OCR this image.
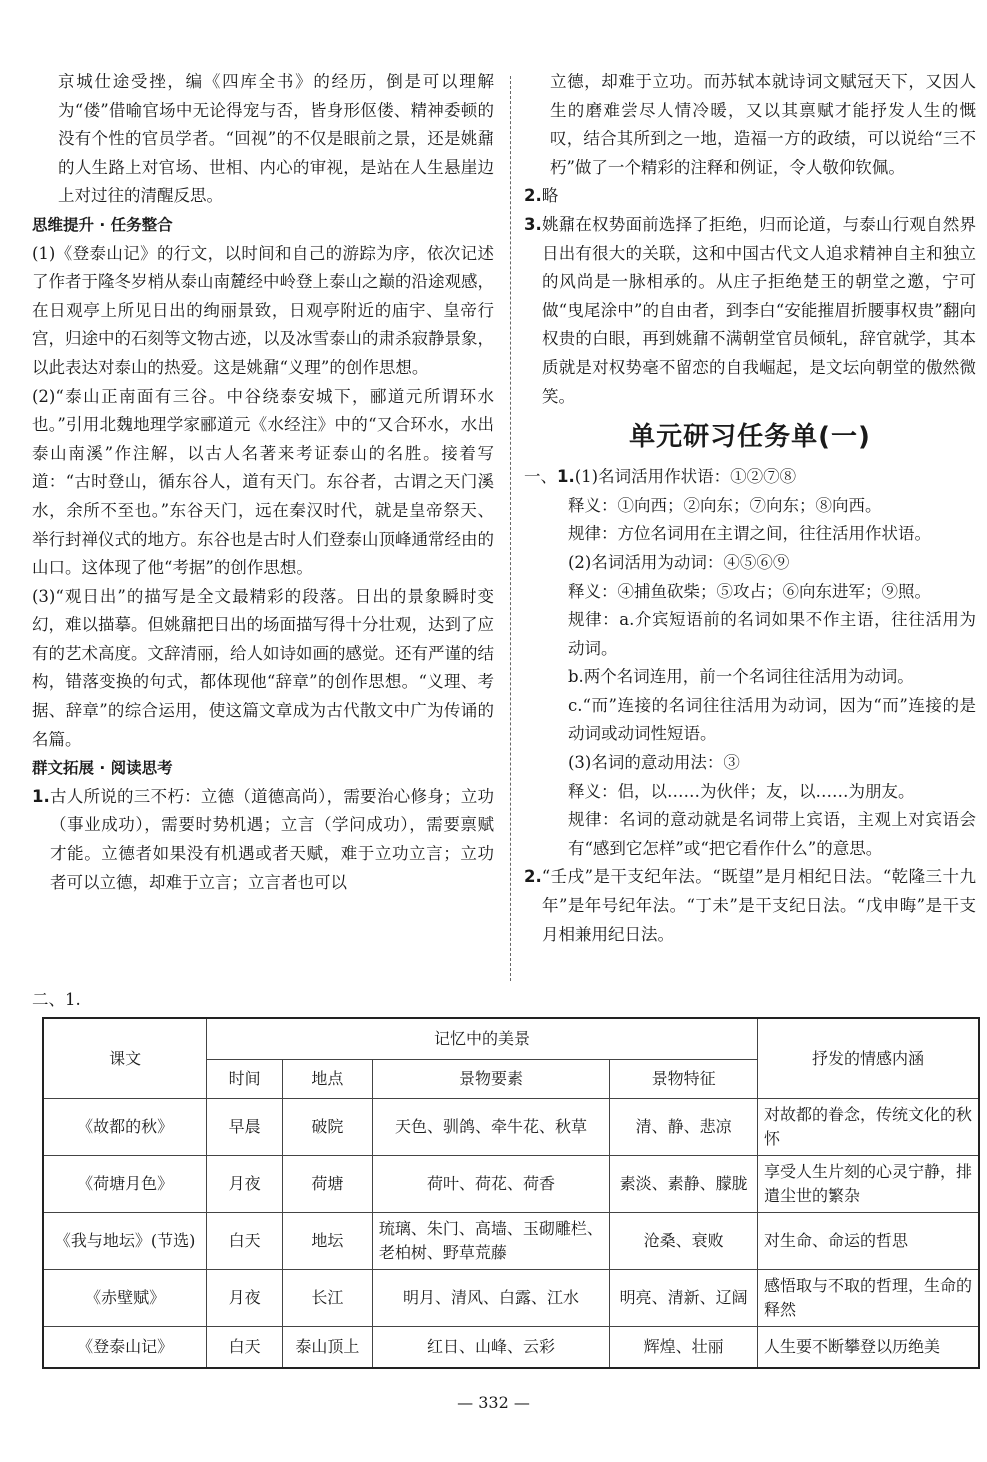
京城仕途受挫，编《四库全书》的经历，倒是可以理解为“偻”借喻官场中无论得宠与否，皆身形伛偻、精神委顿的没有个性的官员学者。“回视”的不仅是眼前之景，还是姚鼐的人生路上对官场、世相、内心的审视，是站在人生悬崖边上对过往的清醒反思。

思维提升 · 任务整合

(1)《登泰山记》的行文，以时间和自己的游踪为序，依次记述了作者于隆冬岁梢从泰山南麓经中岭登上泰山之巅的沿途观感，在日观亭上所见日出的绚丽景致，日观亭附近的庙宇、皇帝行宫，归途中的石刻等文物古迹，以及冰雪泰山的肃杀寂静景象，以此表达对泰山的热爱。这是姚鼐“义理”的创作思想。

(2)“泰山正南面有三谷。中谷绕泰安城下，郦道元所谓环水也。”引用北魏地理学家郦道元《水经注》中的“又合环水，水出泰山南溪”作注解，以古人名著来考证泰山的名胜。接着写道：“古时登山，循东谷人，道有天门。东谷者，古谓之天门溪水，余所不至也。”东谷天门，远在秦汉时代，就是皇帝祭天、举行封禅仪式的地方。东谷也是古时人们登泰山顶峰通常经由的山口。这体现了他“考据”的创作思想。

(3)“观日出”的描写是全文最精彩的段落。日出的景象瞬时变幻，难以描摹。但姚鼐把日出的场面描写得十分壮观，达到了应有的艺术高度。文辞清丽，给人如诗如画的感觉。还有严谨的结构，错落变换的句式，都体现他“辞章”的创作思想。“义理、考据、辞章”的综合运用，使这篇文章成为古代散文中广为传诵的名篇。

群文拓展 · 阅读思考

1.古人所说的三不朽：立德（道德高尚），需要治心修身；立功（事业成功），需要时势机遇；立言（学问成功），需要禀赋才能。立德者如果没有机遇或者天赋，难于立功立言；立功者可以立德，却难于立言；立言者也可以

立德，却难于立功。而苏轼本就诗词文赋冠天下，又因人生的磨难尝尽人情冷暖，又以其禀赋才能抒发人生的慨叹，结合其所到之一地，造福一方的政绩，可以说给“三不朽”做了一个精彩的注释和例证，令人敬仰钦佩。

2.略

3.姚鼐在权势面前选择了拒绝，归而论道，与泰山行观自然界日出有很大的关联，这和中国古代文人追求精神自主和独立的风尚是一脉相承的。从庄子拒绝楚王的朝堂之邀，宁可做“曳尾涂中”的自由者，到李白“安能摧眉折腰事权贵”翻向权贵的白眼，再到姚鼐不满朝堂官员倾轧，辞官就学，其本质就是对权势毫不留恋的自我崛起，是文坛向朝堂的傲然微笑。

单元研习任务单(一)

一、1.(1)名词活用作状语：①②⑦⑧

释义：①向西；②向东；⑦向东；⑧向西。

规律：方位名词用在主谓之间，往往活用作状语。

(2)名词活用为动词：④⑤⑥⑨

释义：④捕鱼砍柴；⑤攻占；⑥向东进军；⑨照。

规律：a.介宾短语前的名词如果不作主语，往往活用为动词。

b.两个名词连用，前一个名词往往活用为动词。

c.“而”连接的名词往往活用为动词，因为“而”连接的是动词或动词性短语。

(3)名词的意动用法：③

释义：侣，以……为伙伴；友，以……为朋友。

规律：名词的意动就是名词带上宾语，主观上对宾语会有“感到它怎样”或“把它看作什么”的意思。

2.“壬戌”是干支纪年法。“既望”是月相纪日法。“乾隆三十九年”是年号纪年法。“丁未”是干支纪日法。“戊申晦”是干支月相兼用纪日法。

二、1.
课文	记忆中的美景				抒发的情感内涵
	时间	地点	景物要素	景物特征	
《故都的秋》	早晨	破院	天色、驯鸽、牵牛花、秋草	清、静、悲凉	对故都的眷念，传统文化的秋怀
《荷塘月色》	月夜	荷塘	荷叶、荷花、荷香	素淡、素静、朦胧	享受人生片刻的心灵宁静，排遣尘世的繁杂
《我与地坛》(节选)	白天	地坛	琉璃、朱门、高墙、玉砌雕栏、老柏树、野草荒藤	沧桑、衰败	对生命、命运的哲思
《赤壁赋》	月夜	长江	明月、清风、白露、江水	明亮、清新、辽阔	感悟取与不取的哲理，生命的释然
《登泰山记》	白天	泰山顶上	红日、山峰、云彩	辉煌、壮丽	人生要不断攀登以历绝美
— 332 —
